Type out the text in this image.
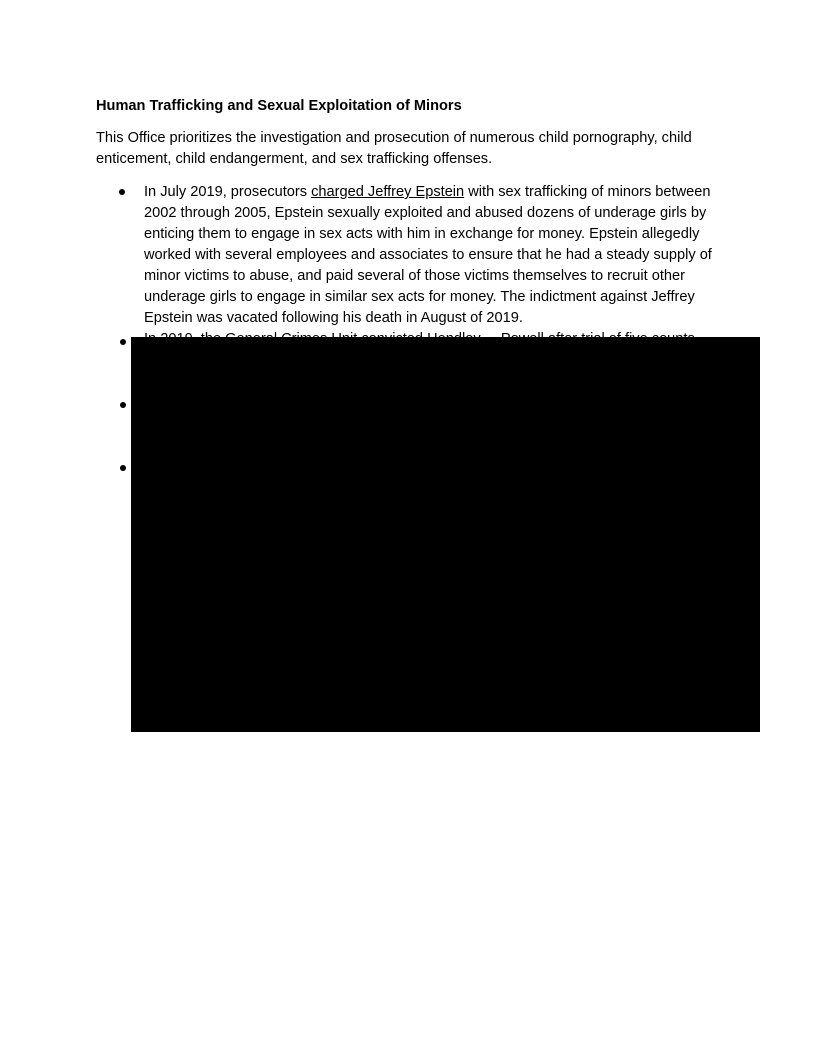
Human Trafficking and Sexual Exploitation of Minors

This Office prioritizes the investigation and prosecution of numerous child pornography, child
enticement, child endangerment, and sex trafficking offenses.

In July 2019, prosecutors charged Jeffrey Epstein with sex trafficking of minors between
2002 through 2005, Epstein sexually exploited and abused dozens of underage girls by
enticing them to engage in sex acts with him in exchange for money. Epstein allegedly
worked with several employees and associates to ensure that he had a steady supply of
minor victims to abuse, and paid several of those victims themselves to recruit other
underage girls to engage in similar sex acts for money. The indictment against Jeffrey
Epstein was vacated following his death in August of 2019.
